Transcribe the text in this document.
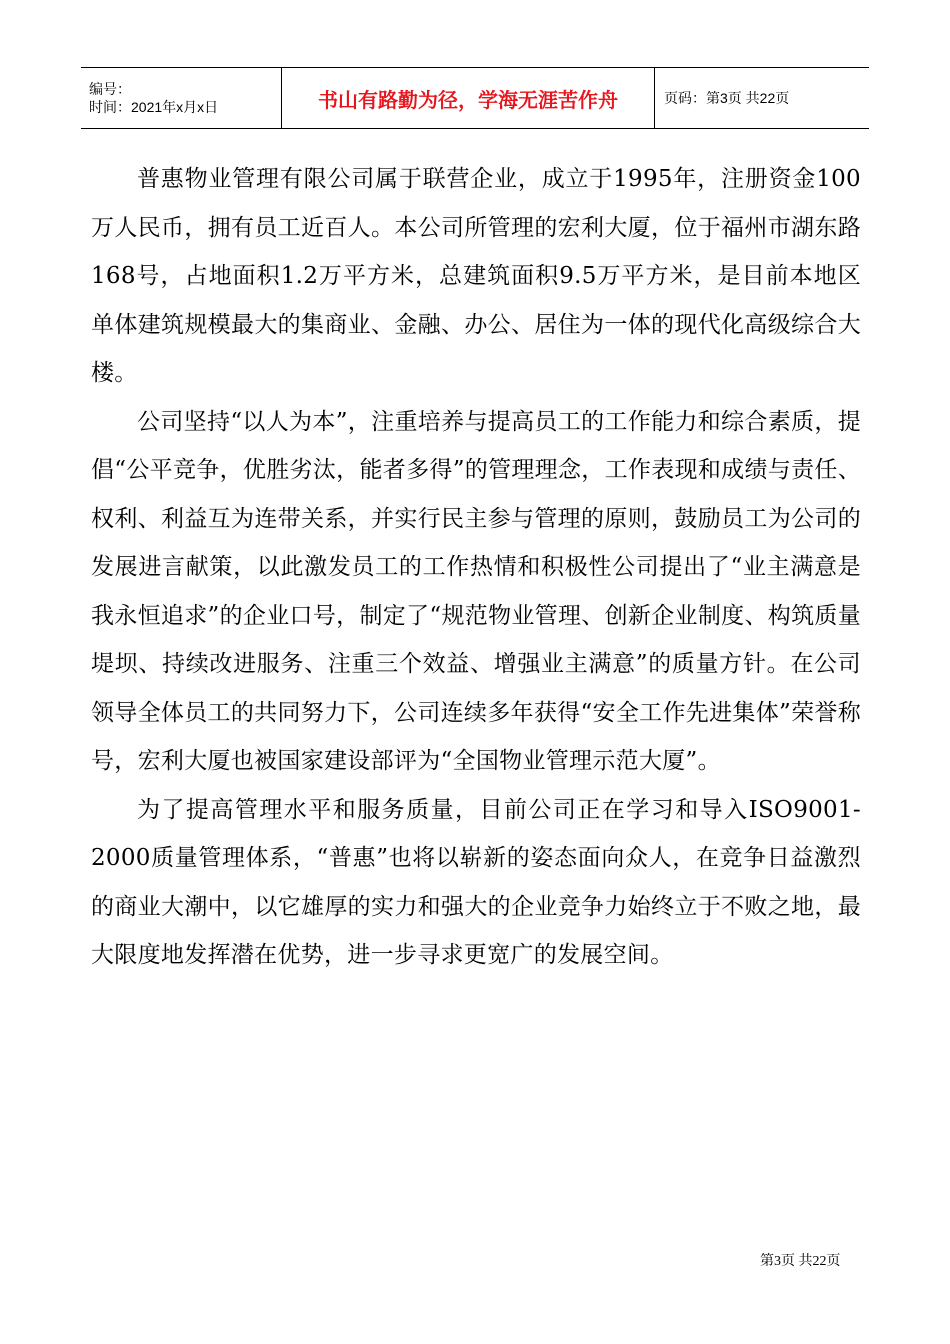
编号：
时间：2021年x月x日	书山有路勤为径，学海无涯苦作舟	页码：第3页 共22页

普惠物业管理有限公司属于联营企业，成立于1995年，注册资金100万人民币，拥有员工近百人。本公司所管理的宏利大厦，位于福州市湖东路168号，占地面积1.2万平方米，总建筑面积9.5万平方米，是目前本地区单体建筑规模最大的集商业、金融、办公、居住为一体的现代化高级综合大楼。

公司坚持“以人为本”，注重培养与提高员工的工作能力和综合素质，提倡“公平竞争，优胜劣汰，能者多得”的管理理念，工作表现和成绩与责任、权利、利益互为连带关系，并实行民主参与管理的原则，鼓励员工为公司的发展进言献策，以此激发员工的工作热情和积极性公司提出了“业主满意是我永恒追求”的企业口号，制定了“规范物业管理、创新企业制度、构筑质量堤坝、持续改进服务、注重三个效益、增强业主满意”的质量方针。在公司领导全体员工的共同努力下，公司连续多年获得“安全工作先进集体”荣誉称号，宏利大厦也被国家建设部评为“全国物业管理示范大厦”。

为了提高管理水平和服务质量，目前公司正在学习和导入ISO9001-2000质量管理体系，“普惠”也将以崭新的姿态面向众人，在竞争日益激烈的商业大潮中，以它雄厚的实力和强大的企业竞争力始终立于不败之地，最大限度地发挥潜在优势，进一步寻求更宽广的发展空间。

第3页 共22页
